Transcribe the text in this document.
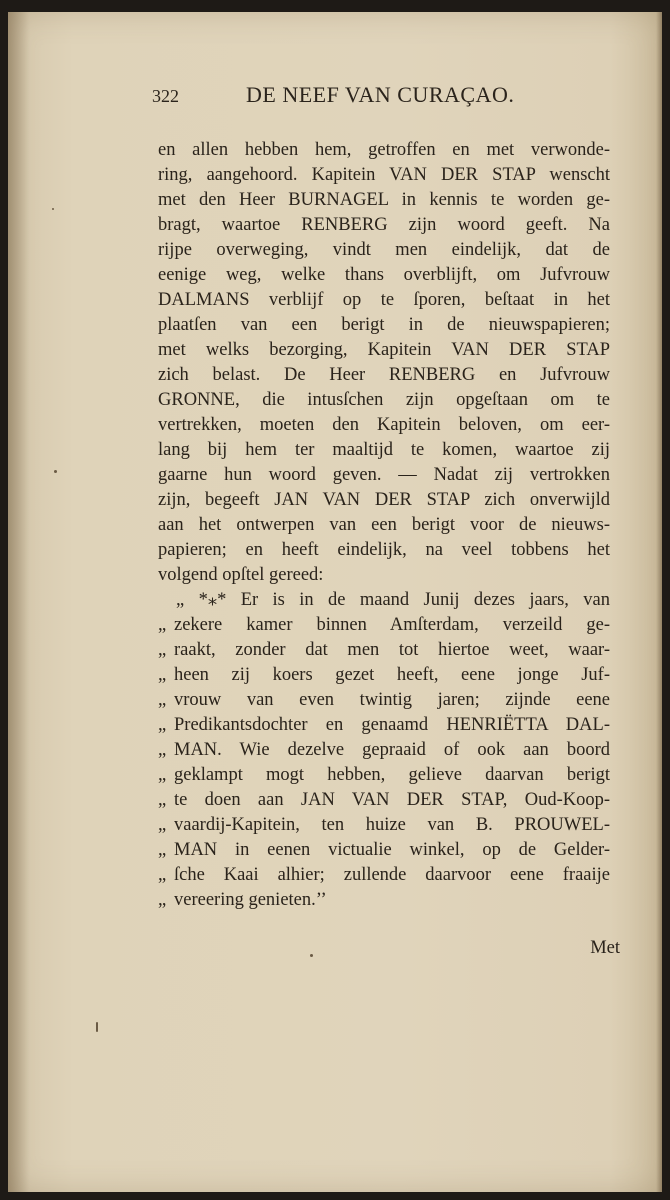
322	DE NEEF VAN CURAÇAO.
en allen hebben hem, getroffen en met verwonde-
ring, aangehoord. Kapitein VAN DER STAP wenscht
met den Heer BURNAGEL in kennis te worden ge-
bragt, waartoe RENBERG zijn woord geeft. Na
rijpe overweging, vindt men eindelijk, dat de
eenige weg, welke thans overblijft, om Jufvrouw
DALMANS verblijf op te ſporen, beſtaat in het
plaatſen van een berigt in de nieuwspapieren;
met welks bezorging, Kapitein VAN DER STAP
zich belast. De Heer RENBERG en Jufvrouw
GRONNE, die intusſchen zijn opgeſtaan om te
vertrekken, moeten den Kapitein beloven, om eer-
lang bij hem ter maaltijd te komen, waartoe zij
gaarne hun woord geven. — Nadat zij vertrokken
zijn, begeeft JAN VAN DER STAP zich onverwijld
aan het ontwerpen van een berigt voor de nieuws-
papieren; en heeft eindelijk, na veel tobbens het
volgend opſtel gereed:
„ *⁎* Er is in de maand Junij dezes jaars, van
„ zekere kamer binnen Amſterdam, verzeild ge-
„ raakt, zonder dat men tot hiertoe weet, waar-
„ heen zij koers gezet heeft, eene jonge Juf-
„ vrouw van even twintig jaren; zijnde eene
„ Predikantsdochter en genaamd HENRIËTTA DAL-
„ MAN. Wie dezelve gepraaid of ook aan boord
„ geklampt mogt hebben, gelieve daarvan berigt
„ te doen aan JAN VAN DER STAP, Oud-Koop-
„ vaardij-Kapitein, ten huize van B. PROUWEL-
„ MAN in eenen victualie winkel, op de Gelder-
„ ſche Kaai alhier; zullende daarvoor eene fraaije
„ vereering genieten.’’
Met
